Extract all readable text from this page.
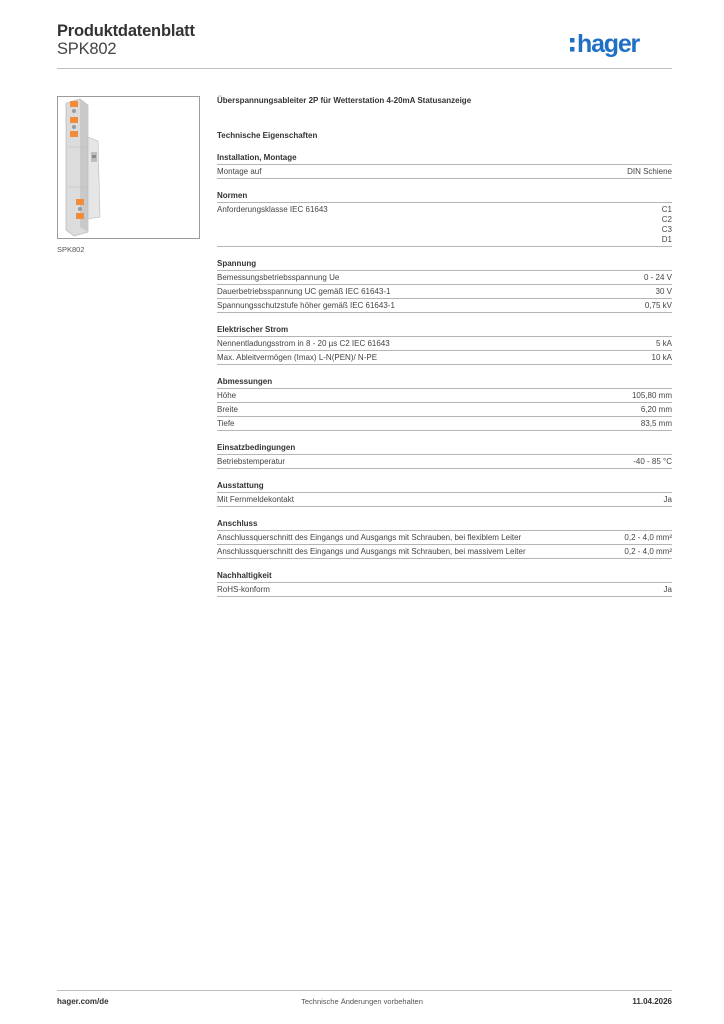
Produktdatenblatt
SPK802	hager
SPK802
Überspannungsableiter 2P für Wetterstation 4-20mA Statusanzeige
Technische Eigenschaften
Installation, Montage
Montage auf	DIN Schiene
Normen
Anforderungsklasse IEC 61643	C1
C2
C3
D1
Spannung
Bemessungsbetriebsspannung Ue	0 - 24 V
Dauerbetriebsspannung UC gemäß IEC 61643-1	30 V
Spannungsschutzstufe höher gemäß IEC 61643-1	0,75 kV
Elektrischer Strom
Nennentladungsstrom in 8 - 20 µs C2 IEC 61643	5 kA
Max. Ableitvermögen (Imax) L-N(PEN)/ N-PE	10 kA
Abmessungen
Höhe	105,80 mm
Breite	6,20 mm
Tiefe	83,5 mm
Einsatzbedingungen
Betriebstemperatur	-40 - 85 °C
Ausstattung
Mit Fernmeldekontakt	Ja
Anschluss
Anschlussquerschnitt des Eingangs und Ausgangs mit Schrauben, bei flexiblem Leiter	0,2 - 4,0 mm²
Anschlussquerschnitt des Eingangs und Ausgangs mit Schrauben, bei massivem Leiter	0,2 - 4,0 mm²
Nachhaltigkeit
RoHS-konform	Ja
hager.com/de	Technische Änderungen vorbehalten	11.04.2026
